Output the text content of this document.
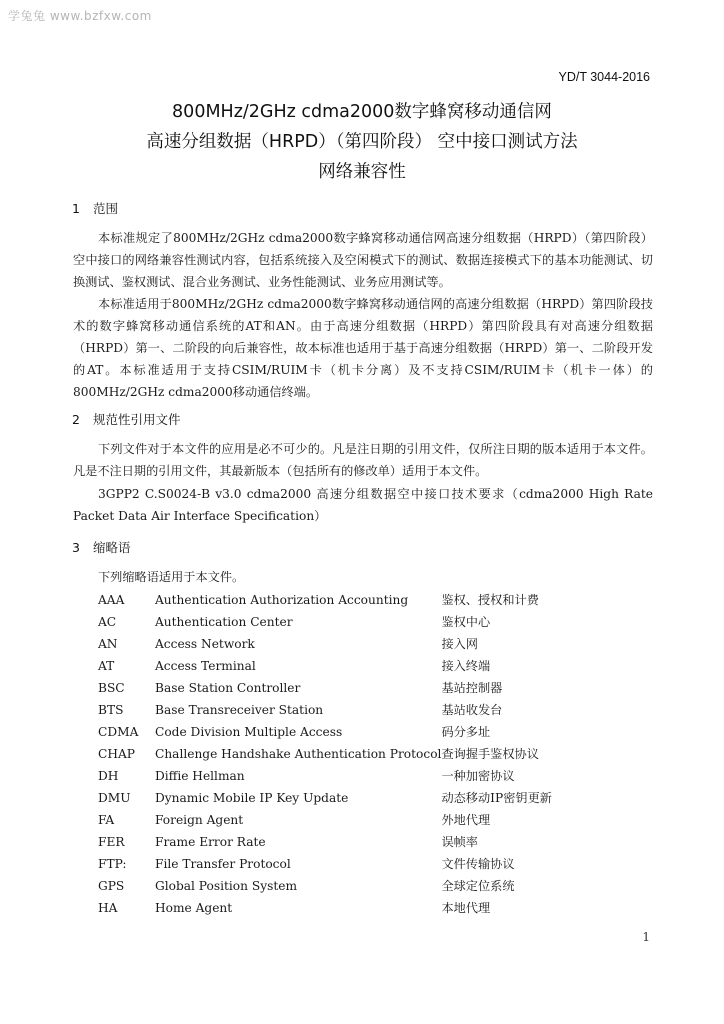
学兔兔 www.bzfxw.com
YD/T 3044-2016
800MHz/2GHz cdma2000数字蜂窝移动通信网
高速分组数据（HRPD）（第四阶段） 空中接口测试方法
网络兼容性
1 范围
本标准规定了800MHz/2GHz cdma2000数字蜂窝移动通信网高速分组数据（HRPD）（第四阶段）空中接口的网络兼容性测试内容，包括系统接入及空闲模式下的测试、数据连接模式下的基本功能测试、切换测试、鉴权测试、混合业务测试、业务性能测试、业务应用测试等。
本标准适用于800MHz/2GHz cdma2000数字蜂窝移动通信网的高速分组数据（HRPD）第四阶段技术的数字蜂窝移动通信系统的AT和AN。由于高速分组数据（HRPD）第四阶段具有对高速分组数据（HRPD）第一、二阶段的向后兼容性，故本标准也适用于基于高速分组数据（HRPD）第一、二阶段开发的AT。本标准适用于支持CSIM/RUIM卡（机卡分离）及不支持CSIM/RUIM卡（机卡一体）的800MHz/2GHz cdma2000移动通信终端。
2 规范性引用文件
下列文件对于本文件的应用是必不可少的。凡是注日期的引用文件，仅所注日期的版本适用于本文件。凡是不注日期的引用文件，其最新版本（包括所有的修改单）适用于本文件。
3GPP2 C.S0024-B v3.0 cdma2000 高速分组数据空中接口技术要求（cdma2000 High Rate Packet Data Air Interface Specification）
3 缩略语
下列缩略语适用于本文件。
AAA	Authentication Authorization Accounting	鉴权、授权和计费
AC	Authentication Center	鉴权中心
AN	Access Network	接入网
AT	Access Terminal	接入终端
BSC	Base Station Controller	基站控制器
BTS	Base Transreceiver Station	基站收发台
CDMA	Code Division Multiple Access	码分多址
CHAP	Challenge Handshake Authentication Protocol	查询握手鉴权协议
DH	Diffie Hellman	一种加密协议
DMU	Dynamic Mobile IP Key Update	动态移动IP密钥更新
FA	Foreign Agent	外地代理
FER	Frame Error Rate	误帧率
FTP:	File Transfer Protocol	文件传输协议
GPS	Global Position System	全球定位系统
HA	Home Agent	本地代理
1
